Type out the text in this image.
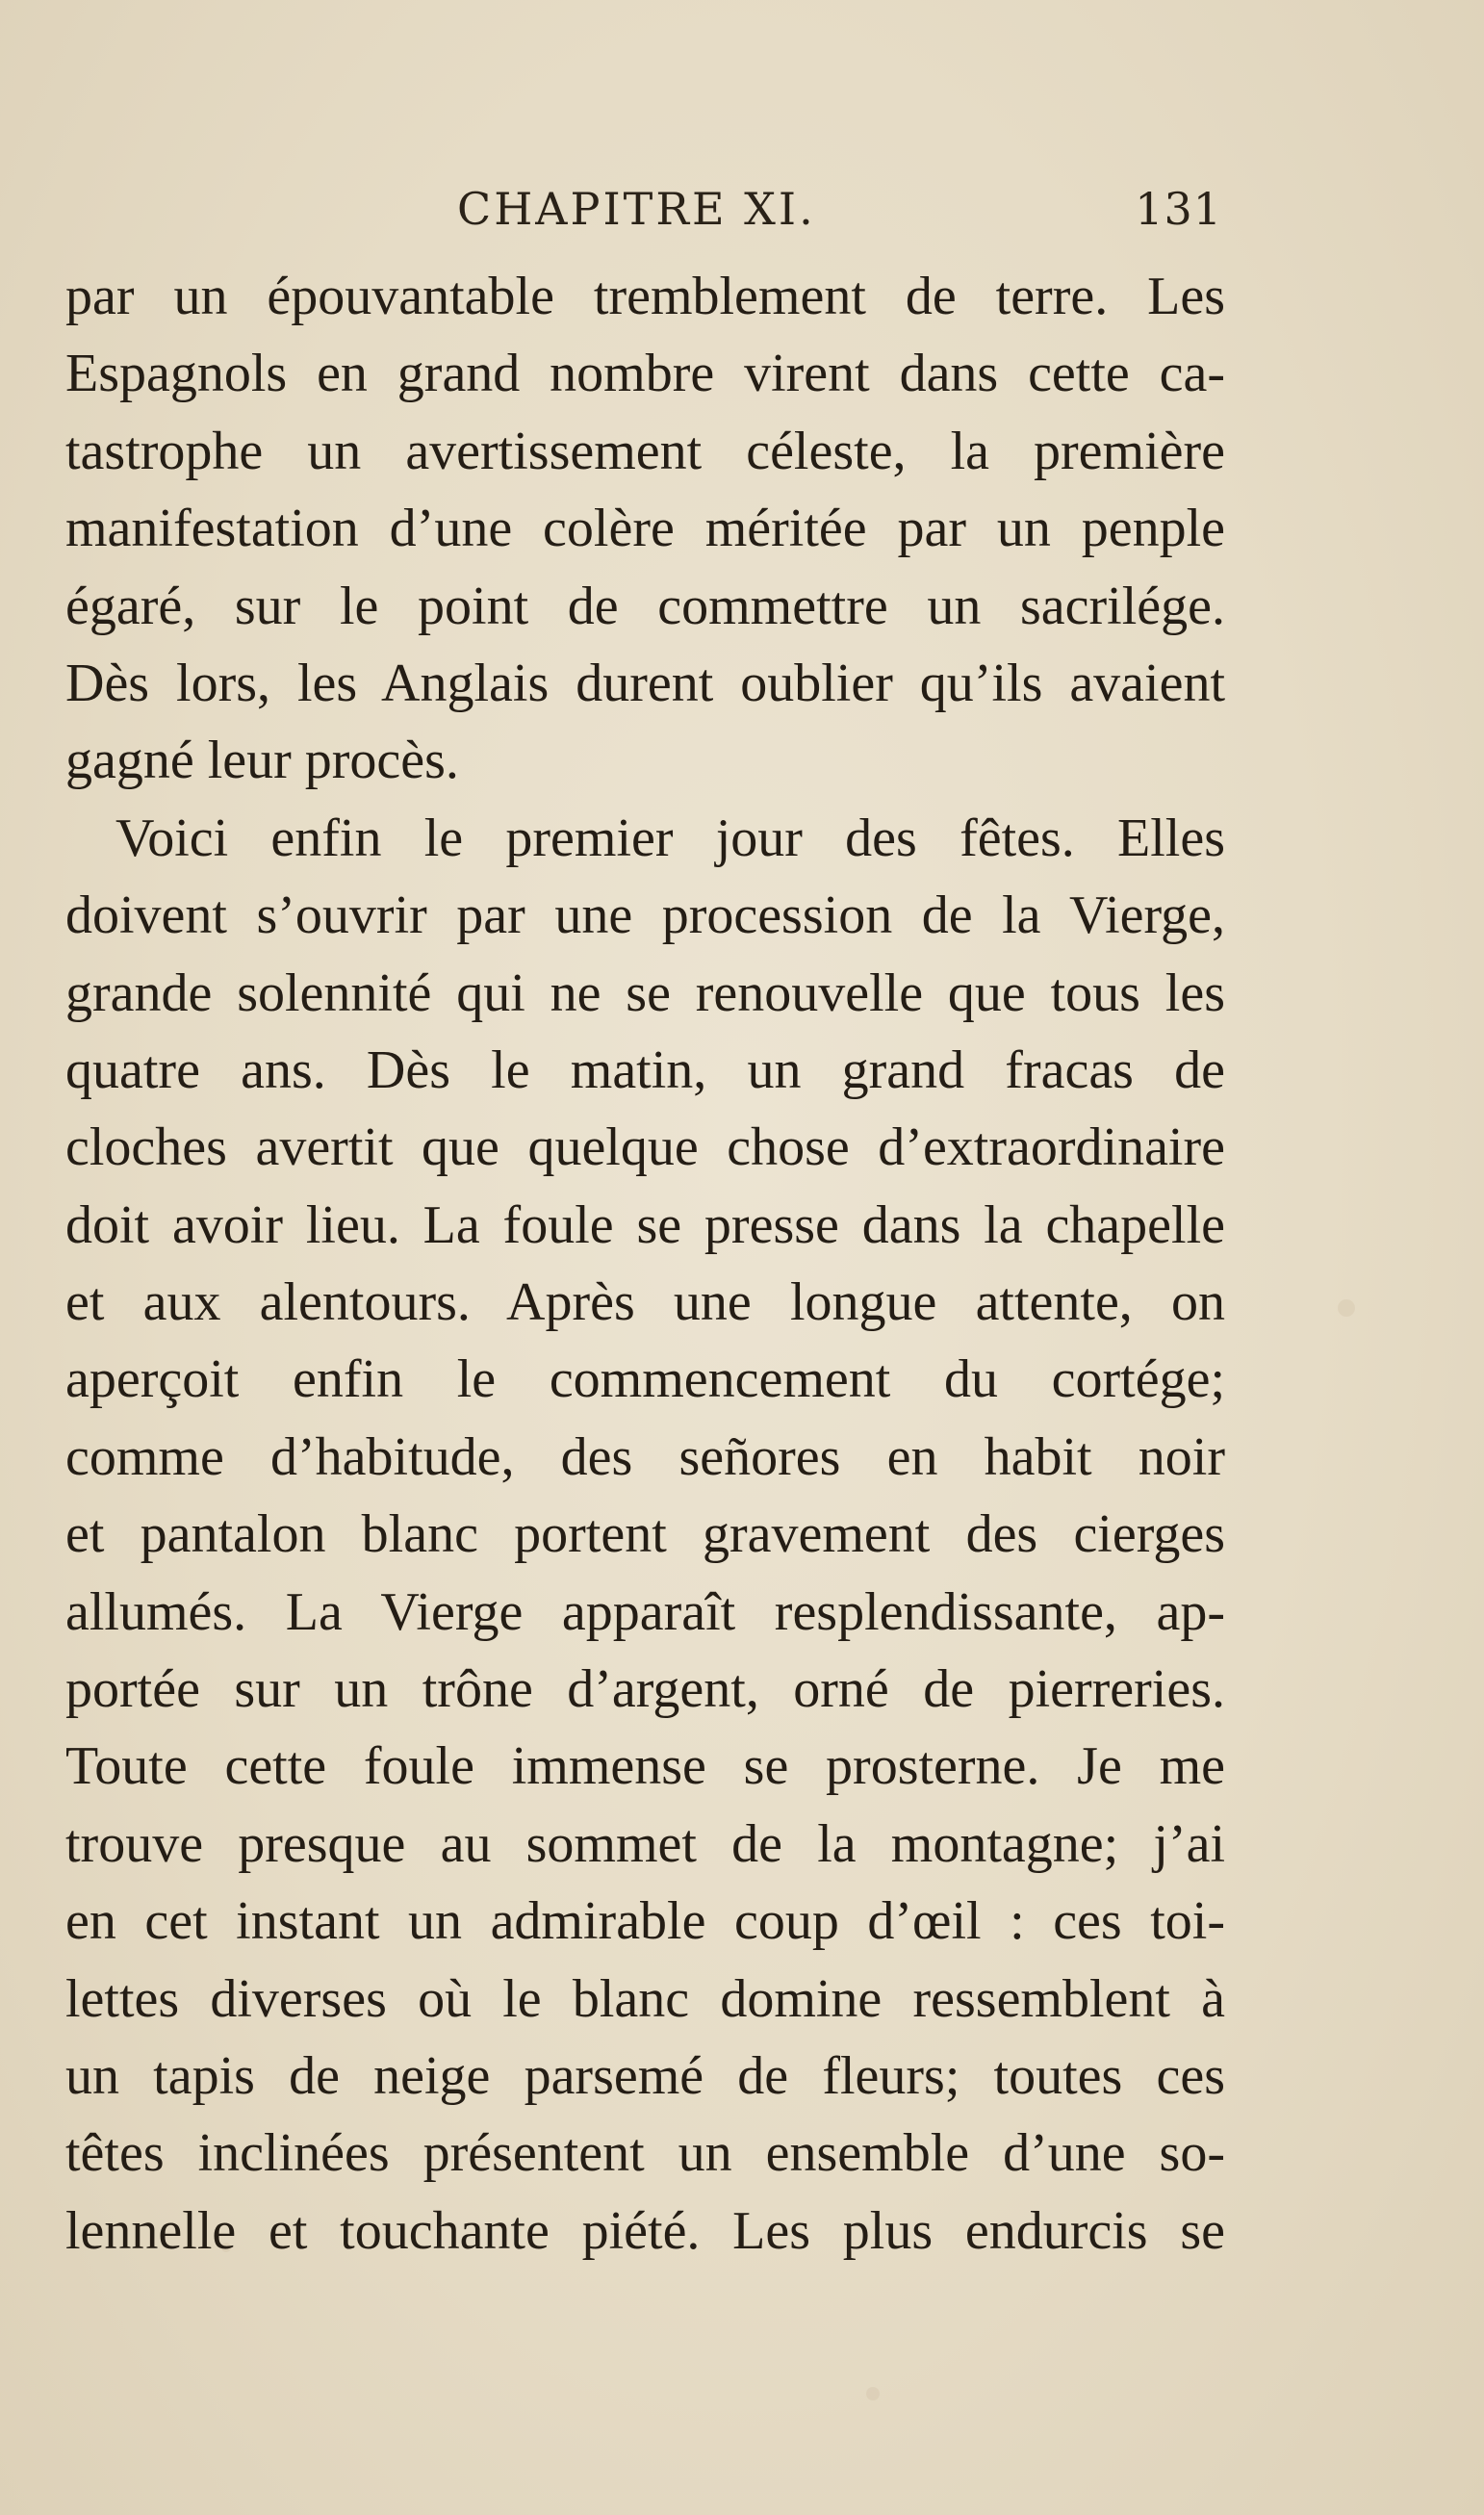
CHAPITRE XI.	131
par un épouvantable tremblement de terre. Les
Espagnols en grand nombre virent dans cette ca-
tastrophe un avertissement céleste, la première
manifestation d’une colère méritée par un penple
égaré, sur le point de commettre un sacrilége.
Dès lors, les Anglais durent oublier qu’ils avaient
gagné leur procès.
Voici enfin le premier jour des fêtes. Elles
doivent s’ouvrir par une procession de la Vierge,
grande solennité qui ne se renouvelle que tous les
quatre ans. Dès le matin, un grand fracas de
cloches avertit que quelque chose d’extraordinaire
doit avoir lieu. La foule se presse dans la chapelle
et aux alentours. Après une longue attente, on
aperçoit enfin le commencement du cortége;
comme d’habitude, des señores en habit noir
et pantalon blanc portent gravement des cierges
allumés. La Vierge apparaît resplendissante, ap-
portée sur un trône d’argent, orné de pierreries.
Toute cette foule immense se prosterne. Je me
trouve presque au sommet de la montagne; j’ai
en cet instant un admirable coup d’œil : ces toi-
lettes diverses où le blanc domine ressemblent à
un tapis de neige parsemé de fleurs; toutes ces
têtes inclinées présentent un ensemble d’une so-
lennelle et touchante piété. Les plus endurcis se
